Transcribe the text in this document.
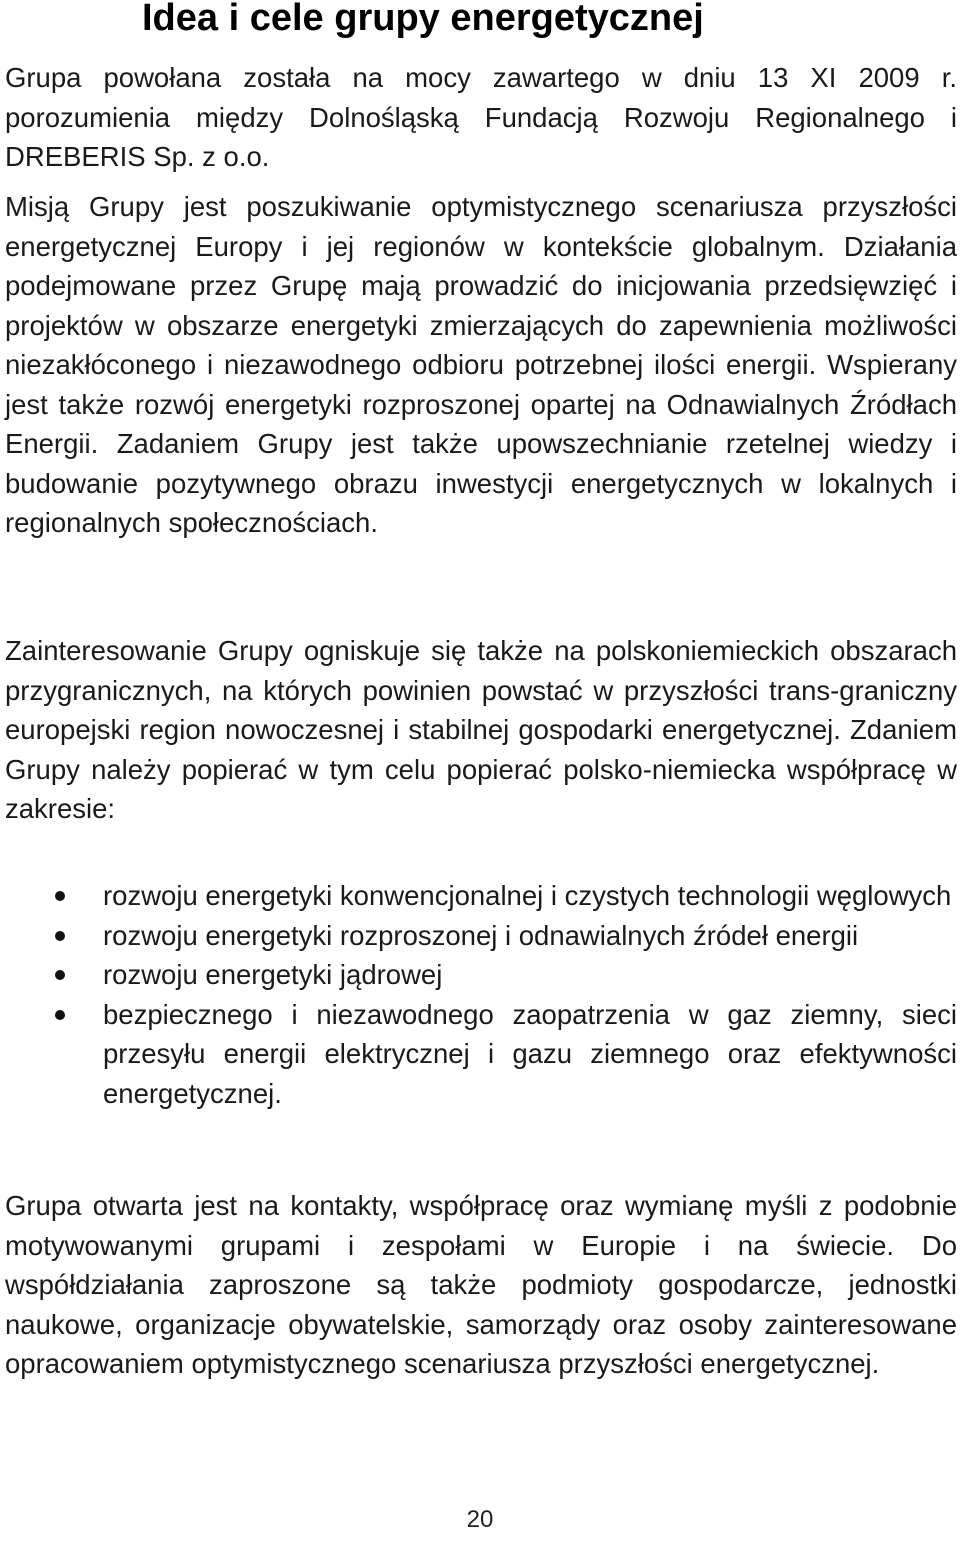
Idea i cele grupy energetycznej

Grupa powołana została na mocy zawartego w dniu 13 XI 2009 r. porozumienia między Dolnośląską Fundacją Rozwoju Regionalnego i DREBERIS Sp. z o.o.

Misją Grupy jest poszukiwanie optymistycznego scenariusza przyszłości energetycznej Europy i jej regionów w kontekście globalnym. Działania podejmowane przez Grupę mają prowadzić do inicjowania przedsięwzięć i projektów w obszarze energetyki zmierzających do zapewnienia możliwości niezakłóconego i niezawodnego odbioru potrzebnej ilości energii. Wspierany jest także rozwój energetyki rozproszonej opartej na Odnawialnych Źródłach Energii. Zadaniem Grupy jest także upowszechnianie rzetelnej wiedzy i budowanie pozytywnego obrazu inwestycji energetycznych w lokalnych i regionalnych społecznościach.

Zainteresowanie Grupy ogniskuje się także na polskoniemieckich obszarach przygranicznych, na których powinien powstać w przyszłości trans-graniczny europejski region nowoczesnej i stabilnej gospodarki energetycznej. Zdaniem Grupy należy popierać w tym celu popierać polsko-niemiecka współpracę w zakresie:

rozwoju energetyki konwencjonalnej i czystych technologii węglowych
rozwoju energetyki rozproszonej i odnawialnych źródeł energii
rozwoju energetyki jądrowej
bezpiecznego i niezawodnego zaopatrzenia w gaz ziemny, sieci przesyłu energii elektrycznej i gazu ziemnego oraz efektywności energetycznej.

Grupa otwarta jest na kontakty, współpracę oraz wymianę myśli z podobnie motywowanymi grupami i zespołami w Europie i na świecie. Do współdziałania zaproszone są także podmioty gospodarcze, jednostki naukowe, organizacje obywatelskie, samorządy oraz osoby zainteresowane opracowaniem optymistycznego scenariusza przyszłości energetycznej.

20
